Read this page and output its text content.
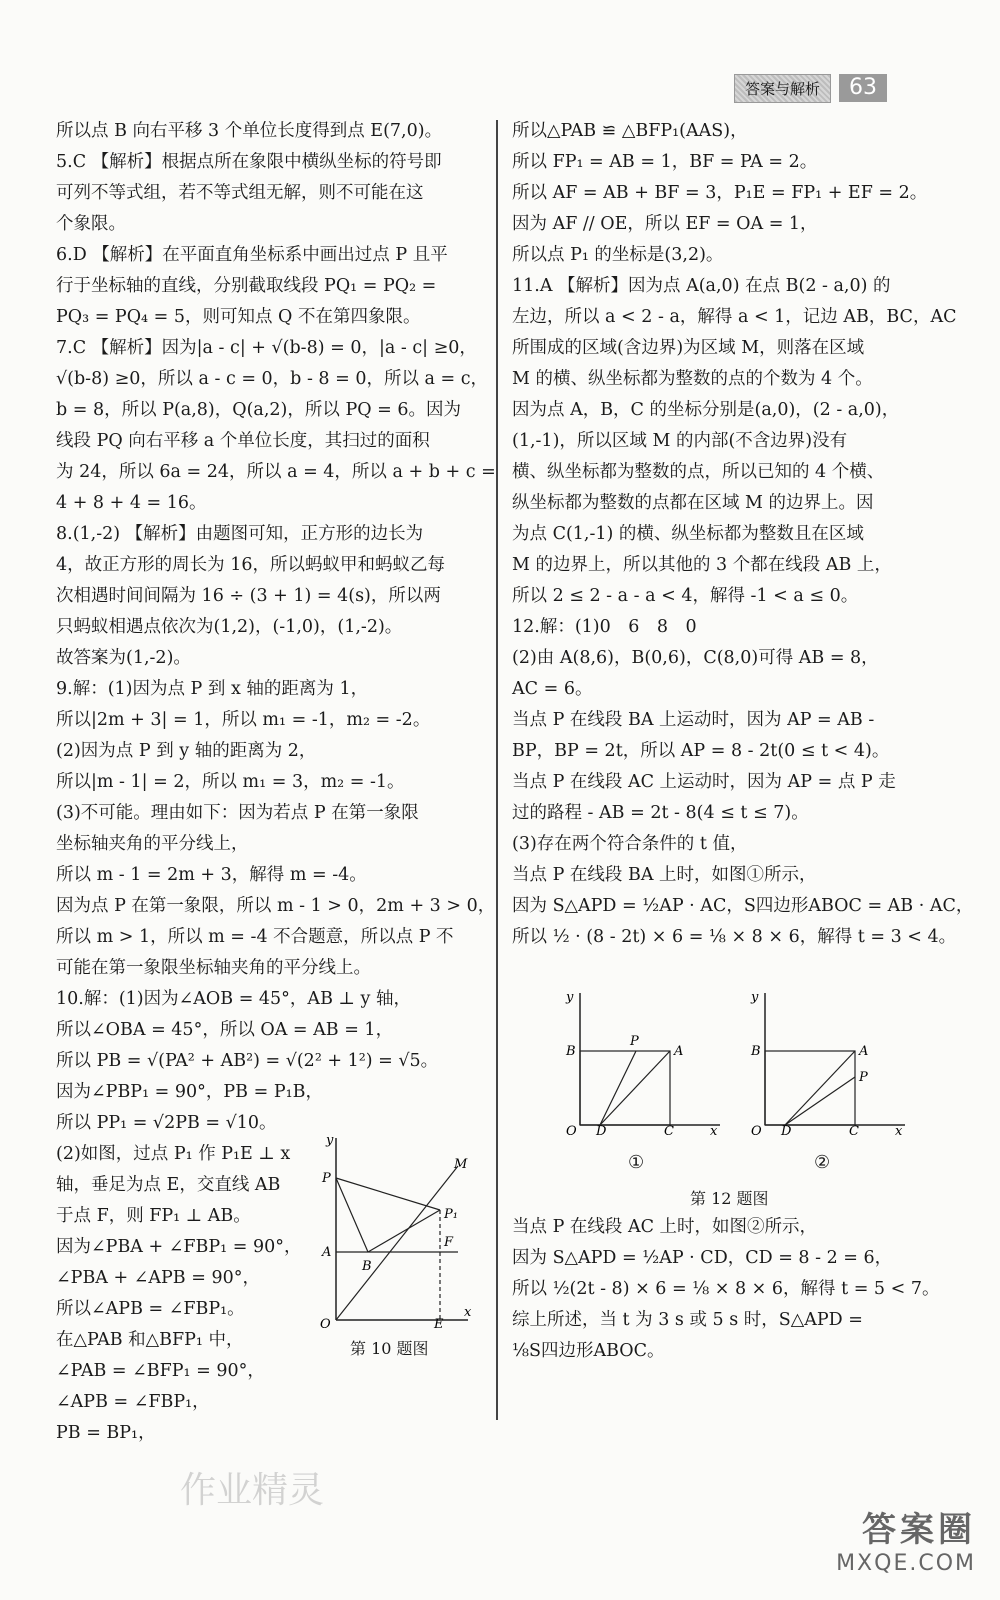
答案与解析	63
所以点 B 向右平移 3 个单位长度得到点 E(7,0)。
5.C 【解析】根据点所在象限中横纵坐标的符号即
可列不等式组，若不等式组无解，则不可能在这
个象限。
6.D 【解析】在平面直角坐标系中画出过点 P 且平
行于坐标轴的直线，分别截取线段 PQ₁ = PQ₂ =
PQ₃ = PQ₄ = 5，则可知点 Q 不在第四象限。
7.C 【解析】因为|a - c| + √(b-8) = 0，|a - c| ≥0，
√(b-8) ≥0，所以 a - c = 0，b - 8 = 0，所以 a = c，
b = 8，所以 P(a,8)，Q(a,2)，所以 PQ = 6。因为
线段 PQ 向右平移 a 个单位长度，其扫过的面积
为 24，所以 6a = 24，所以 a = 4，所以 a + b + c =
4 + 8 + 4 = 16。
8.(1,-2) 【解析】由题图可知，正方形的边长为
4，故正方形的周长为 16，所以蚂蚁甲和蚂蚁乙每
次相遇时间间隔为 16 ÷ (3 + 1) = 4(s)，所以两
只蚂蚁相遇点依次为(1,2)，(-1,0)，(1,-2)。
故答案为(1,-2)。
9.解：(1)因为点 P 到 x 轴的距离为 1，
所以|2m + 3| = 1，所以 m₁ = -1，m₂ = -2。
(2)因为点 P 到 y 轴的距离为 2，
所以|m - 1| = 2，所以 m₁ = 3，m₂ = -1。
(3)不可能。理由如下：因为若点 P 在第一象限
坐标轴夹角的平分线上，
所以 m - 1 = 2m + 3，解得 m = -4。
因为点 P 在第一象限，所以 m - 1 > 0，2m + 3 > 0，
所以 m > 1，所以 m = -4 不合题意，所以点 P 不
可能在第一象限坐标轴夹角的平分线上。
10.解：(1)因为∠AOB = 45°，AB ⊥ y 轴，
所以∠OBA = 45°，所以 OA = AB = 1，
所以 PB = √(PA² + AB²) = √(2² + 1²) = √5。
因为∠PBP₁ = 90°，PB = P₁B，
所以 PP₁ = √2PB = √10。
(2)如图，过点 P₁ 作 P₁E ⊥ x
轴，垂足为点 E，交直线 AB
于点 F，则 FP₁ ⊥ AB。
因为∠PBA + ∠FBP₁ = 90°，
∠PBA + ∠APB = 90°，
所以∠APB = ∠FBP₁。
在△PAB 和△BFP₁ 中，
∠PAB = ∠BFP₁ = 90°，
∠APB = ∠FBP₁，
PB = BP₁，
所以△PAB ≌ △BFP₁(AAS)，
所以 FP₁ = AB = 1，BF = PA = 2。
所以 AF = AB + BF = 3，P₁E = FP₁ + EF = 2。
因为 AF // OE，所以 EF = OA = 1，
所以点 P₁ 的坐标是(3,2)。
11.A 【解析】因为点 A(a,0) 在点 B(2 - a,0) 的
左边，所以 a < 2 - a，解得 a < 1，记边 AB，BC，AC
所围成的区域(含边界)为区域 M，则落在区域
M 的横、纵坐标都为整数的点的个数为 4 个。
因为点 A，B，C 的坐标分别是(a,0)，(2 - a,0)，
(1,-1)，所以区域 M 的内部(不含边界)没有
横、纵坐标都为整数的点，所以已知的 4 个横、
纵坐标都为整数的点都在区域 M 的边界上。因
为点 C(1,-1) 的横、纵坐标都为整数且在区域
M 的边界上，所以其他的 3 个都在线段 AB 上，
所以 2 ≤ 2 - a - a < 4，解得 -1 < a ≤ 0。
12.解：(1)0　6　8　0
(2)由 A(8,6)，B(0,6)，C(8,0)可得 AB = 8，
AC = 6。
当点 P 在线段 BA 上运动时，因为 AP = AB -
BP，BP = 2t，所以 AP = 8 - 2t(0 ≤ t < 4)。
当点 P 在线段 AC 上运动时，因为 AP = 点 P 走
过的路程 - AB = 2t - 8(4 ≤ t ≤ 7)。
(3)存在两个符合条件的 t 值，
当点 P 在线段 BA 上时，如图①所示，
因为 S△APD = ½AP · AC，S四边形ABOC = AB · AC，
所以 ½ · (8 - 2t) × 6 = ⅛ × 8 × 6，解得 t = 3 < 4。
当点 P 在线段 AC 上时，如图②所示，
因为 S△APD = ½AP · CD，CD = 8 - 2 = 6，
所以 ½(2t - 8) × 6 = ⅛ × 8 × 6，解得 t = 5 < 7。
综上所述，当 t 为 3 s 或 5 s 时，S△APD =
⅛S四边形ABOC。
y
x
O	E
P
A
B
F
M
P₁
第 10 题图
y
x
O D	C
B	A
P
y
x
O D	C
B	A
P
①	②
第 12 题图
作业精灵
答案圈
MXQE.COM
